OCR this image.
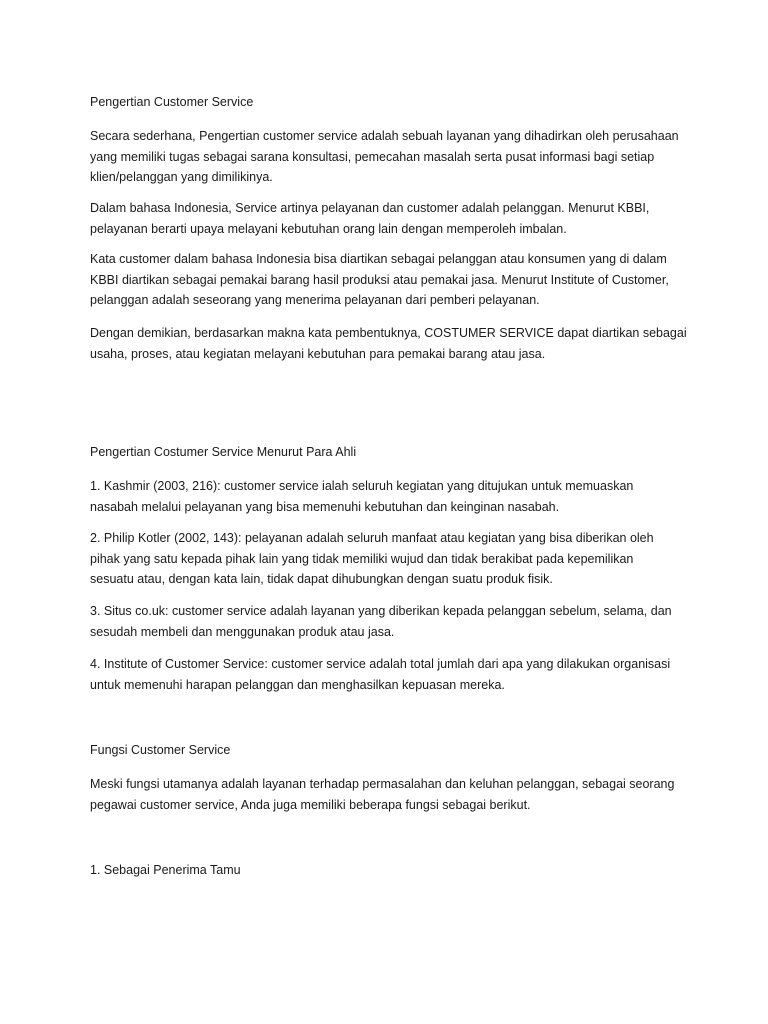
Pengertian Customer Service

Secara sederhana, Pengertian customer service adalah sebuah layanan yang dihadirkan oleh perusahaan
yang memiliki tugas sebagai sarana konsultasi, pemecahan masalah serta pusat informasi bagi setiap
klien/pelanggan yang dimilikinya.

Dalam bahasa Indonesia, Service artinya pelayanan dan customer adalah pelanggan. Menurut KBBI,
pelayanan berarti upaya melayani kebutuhan orang lain dengan memperoleh imbalan.

Kata customer dalam bahasa Indonesia bisa diartikan sebagai pelanggan atau konsumen yang di dalam
KBBI diartikan sebagai pemakai barang hasil produksi atau pemakai jasa. Menurut Institute of Customer,
pelanggan adalah seseorang yang menerima pelayanan dari pemberi pelayanan.

Dengan demikian, berdasarkan makna kata pembentuknya, COSTUMER SERVICE dapat diartikan sebagai
usaha, proses, atau kegiatan melayani kebutuhan para pemakai barang atau jasa.

Pengertian Costumer Service Menurut Para Ahli

1. Kashmir (2003, 216): customer service ialah seluruh kegiatan yang ditujukan untuk memuaskan
nasabah melalui pelayanan yang bisa memenuhi kebutuhan dan keinginan nasabah.

2. Philip Kotler (2002, 143): pelayanan adalah seluruh manfaat atau kegiatan yang bisa diberikan oleh
pihak yang satu kepada pihak lain yang tidak memiliki wujud dan tidak berakibat pada kepemilikan
sesuatu atau, dengan kata lain, tidak dapat dihubungkan dengan suatu produk fisik.

3. Situs co.uk: customer service adalah layanan yang diberikan kepada pelanggan sebelum, selama, dan
sesudah membeli dan menggunakan produk atau jasa.

4. Institute of Customer Service: customer service adalah total jumlah dari apa yang dilakukan organisasi
untuk memenuhi harapan pelanggan dan menghasilkan kepuasan mereka.

Fungsi Customer Service

Meski fungsi utamanya adalah layanan terhadap permasalahan dan keluhan pelanggan, sebagai seorang
pegawai customer service, Anda juga memiliki beberapa fungsi sebagai berikut.

1. Sebagai Penerima Tamu
